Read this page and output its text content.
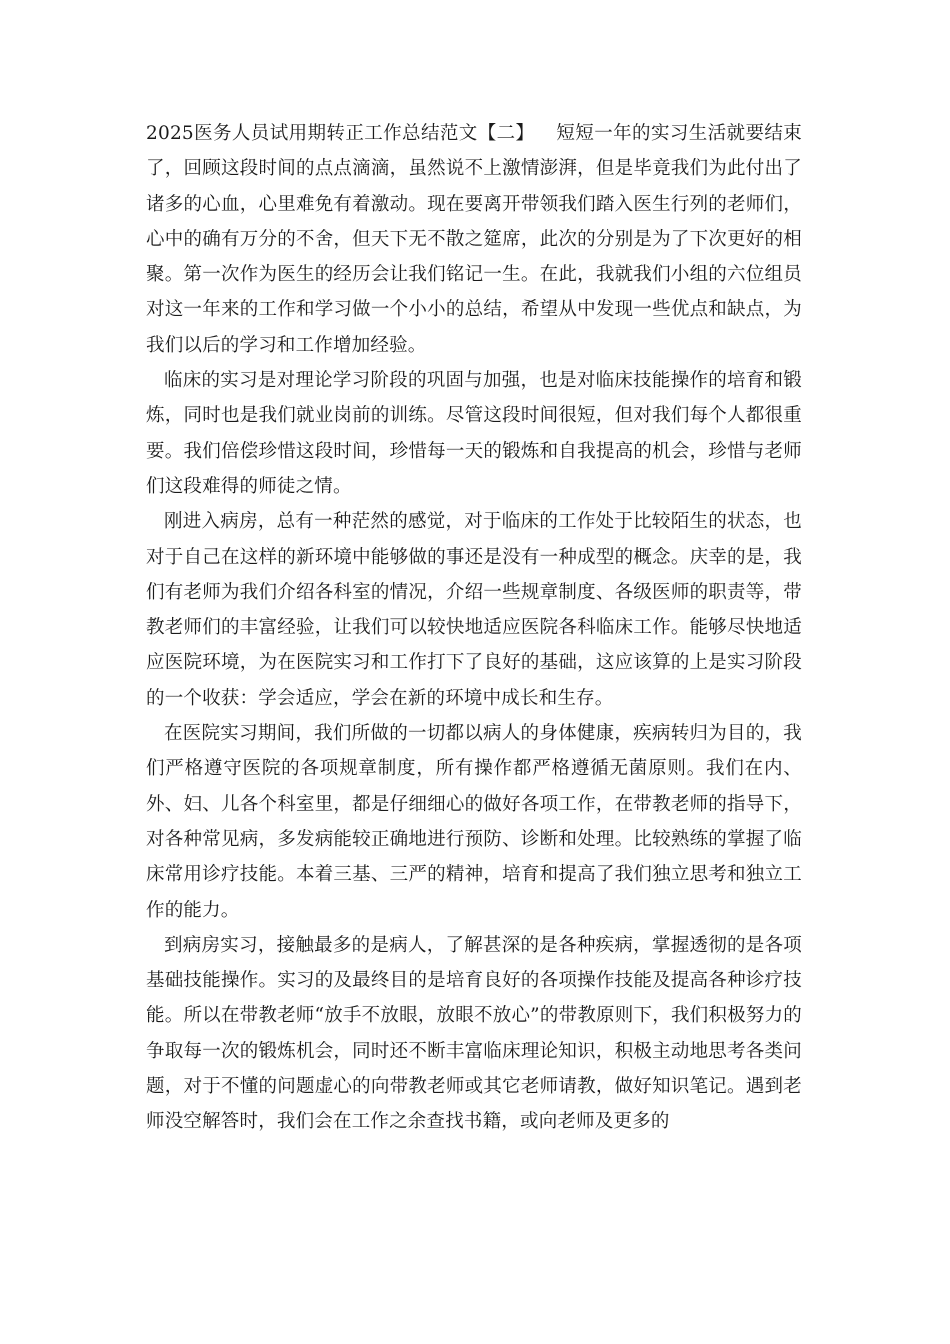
2025医务人员试用期转正工作总结范文【二】 短短一年的实习生活就要结束了，回顾这段时间的点点滴滴，虽然说不上激情澎湃，但是毕竟我们为此付出了诸多的心血，心里难免有着激动。现在要离开带领我们踏入医生行列的老师们，心中的确有万分的不舍，但天下无不散之筵席，此次的分别是为了下次更好的相聚。第一次作为医生的经历会让我们铭记一生。在此，我就我们小组的六位组员对这一年来的工作和学习做一个小小的总结，希望从中发现一些优点和缺点，为我们以后的学习和工作增加经验。

临床的实习是对理论学习阶段的巩固与加强，也是对临床技能操作的培育和锻炼，同时也是我们就业岗前的训练。尽管这段时间很短，但对我们每个人都很重要。我们倍偿珍惜这段时间，珍惜每一天的锻炼和自我提高的机会，珍惜与老师们这段难得的师徒之情。

刚进入病房，总有一种茫然的感觉，对于临床的工作处于比较陌生的状态，也对于自己在这样的新环境中能够做的事还是没有一种成型的概念。庆幸的是，我们有老师为我们介绍各科室的情况，介绍一些规章制度、各级医师的职责等，带教老师们的丰富经验，让我们可以较快地适应医院各科临床工作。能够尽快地适应医院环境，为在医院实习和工作打下了良好的基础，这应该算的上是实习阶段的一个收获：学会适应，学会在新的环境中成长和生存。

在医院实习期间，我们所做的一切都以病人的身体健康，疾病转归为目的，我们严格遵守医院的各项规章制度，所有操作都严格遵循无菌原则。我们在内、外、妇、儿各个科室里，都是仔细细心的做好各项工作，在带教老师的指导下，对各种常见病，多发病能较正确地进行预防、诊断和处理。比较熟练的掌握了临床常用诊疗技能。本着三基、三严的精神，培育和提高了我们独立思考和独立工作的能力。

到病房实习，接触最多的是病人，了解甚深的是各种疾病，掌握透彻的是各项基础技能操作。实习的及最终目的是培育良好的各项操作技能及提高各种诊疗技能。所以在带教老师“放手不放眼，放眼不放心”的带教原则下，我们积极努力的争取每一次的锻炼机会，同时还不断丰富临床理论知识，积极主动地思考各类问题，对于不懂的问题虚心的向带教老师或其它老师请教，做好知识笔记。遇到老师没空解答时，我们会在工作之余查找书籍，或向老师及更多的
